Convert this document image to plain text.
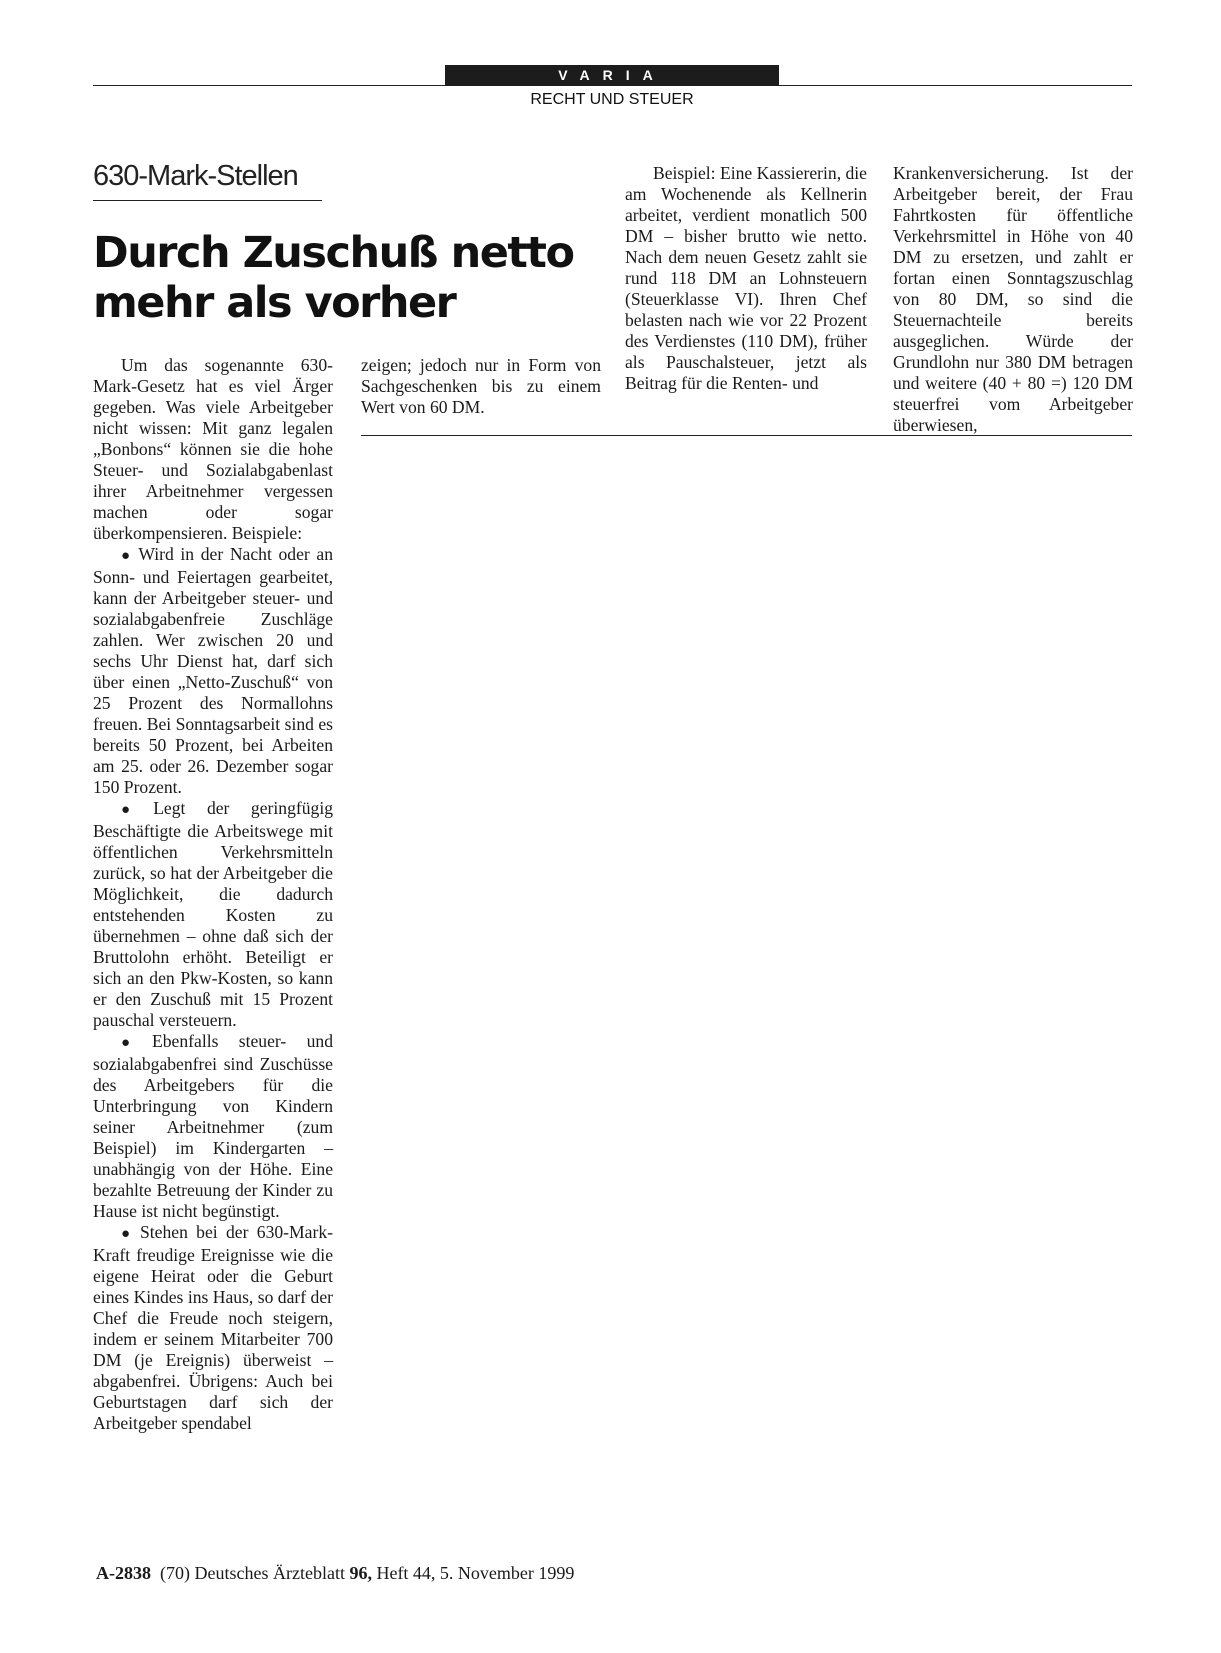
VARIA
RECHT UND STEUER
630-Mark-Stellen
Durch Zuschuß netto
mehr als vorher

Um das sogenannte 630-Mark-Gesetz hat es viel Ärger gegeben. Was viele Arbeitgeber nicht wissen: Mit ganz legalen „Bonbons“ können sie die hohe Steuer- und Sozialabgabenlast ihrer Arbeitnehmer vergessen machen oder sogar überkompensieren. Beispiele:

● Wird in der Nacht oder an Sonn- und Feiertagen gearbeitet, kann der Arbeitgeber steuer- und sozialabgabenfreie Zuschläge zahlen. Wer zwischen 20 und sechs Uhr Dienst hat, darf sich über einen „Netto-Zuschuß“ von 25 Prozent des Normallohns freuen. Bei Sonntagsarbeit sind es bereits 50 Prozent, bei Arbeiten am 25. oder 26. Dezember sogar 150 Prozent.

● Legt der geringfügig Beschäftigte die Arbeitswege mit öffentlichen Verkehrsmitteln zurück, so hat der Arbeitgeber die Möglichkeit, die dadurch entstehenden Kosten zu übernehmen – ohne daß sich der Bruttolohn erhöht. Beteiligt er sich an den Pkw-Kosten, so kann er den Zuschuß mit 15 Prozent pauschal versteuern.

● Ebenfalls steuer- und sozialabgabenfrei sind Zuschüsse des Arbeitgebers für die Unterbringung von Kindern seiner Arbeitnehmer (zum Beispiel) im Kindergarten – unabhängig von der Höhe. Eine bezahlte Betreuung der Kinder zu Hause ist nicht begünstigt.

● Stehen bei der 630-Mark-Kraft freudige Ereignisse wie die eigene Heirat oder die Geburt eines Kindes ins Haus, so darf der Chef die Freude noch steigern, indem er seinem Mitarbeiter 700 DM (je Ereignis) überweist – abgabenfrei. Übrigens: Auch bei Geburtstagen darf sich der Arbeitgeber spendabel

zeigen; jedoch nur in Form von Sachgeschenken bis zu einem Wert von 60 DM.

Beispiel: Eine Kassiererin, die am Wochenende als Kellnerin arbeitet, verdient monatlich 500 DM – bisher brutto wie netto. Nach dem neuen Gesetz zahlt sie rund 118 DM an Lohnsteuern (Steuerklasse VI). Ihren Chef belasten nach wie vor 22 Prozent des Verdienstes (110 DM), früher als Pauschalsteuer, jetzt als Beitrag für die Renten- und

Krankenversicherung. Ist der Arbeitgeber bereit, der Frau Fahrtkosten für öffentliche Verkehrsmittel in Höhe von 40 DM zu ersetzen, und zahlt er fortan einen Sonntagszuschlag von 80 DM, so sind die Steuernachteile bereits ausgeglichen. Würde der Grundlohn nur 380 DM betragen und weitere (40 + 80 =) 120 DM steuerfrei vom Arbeitgeber überwiesen,

A-2838 (70) Deutsches Ärzteblatt 96, Heft 44, 5. November 1999
